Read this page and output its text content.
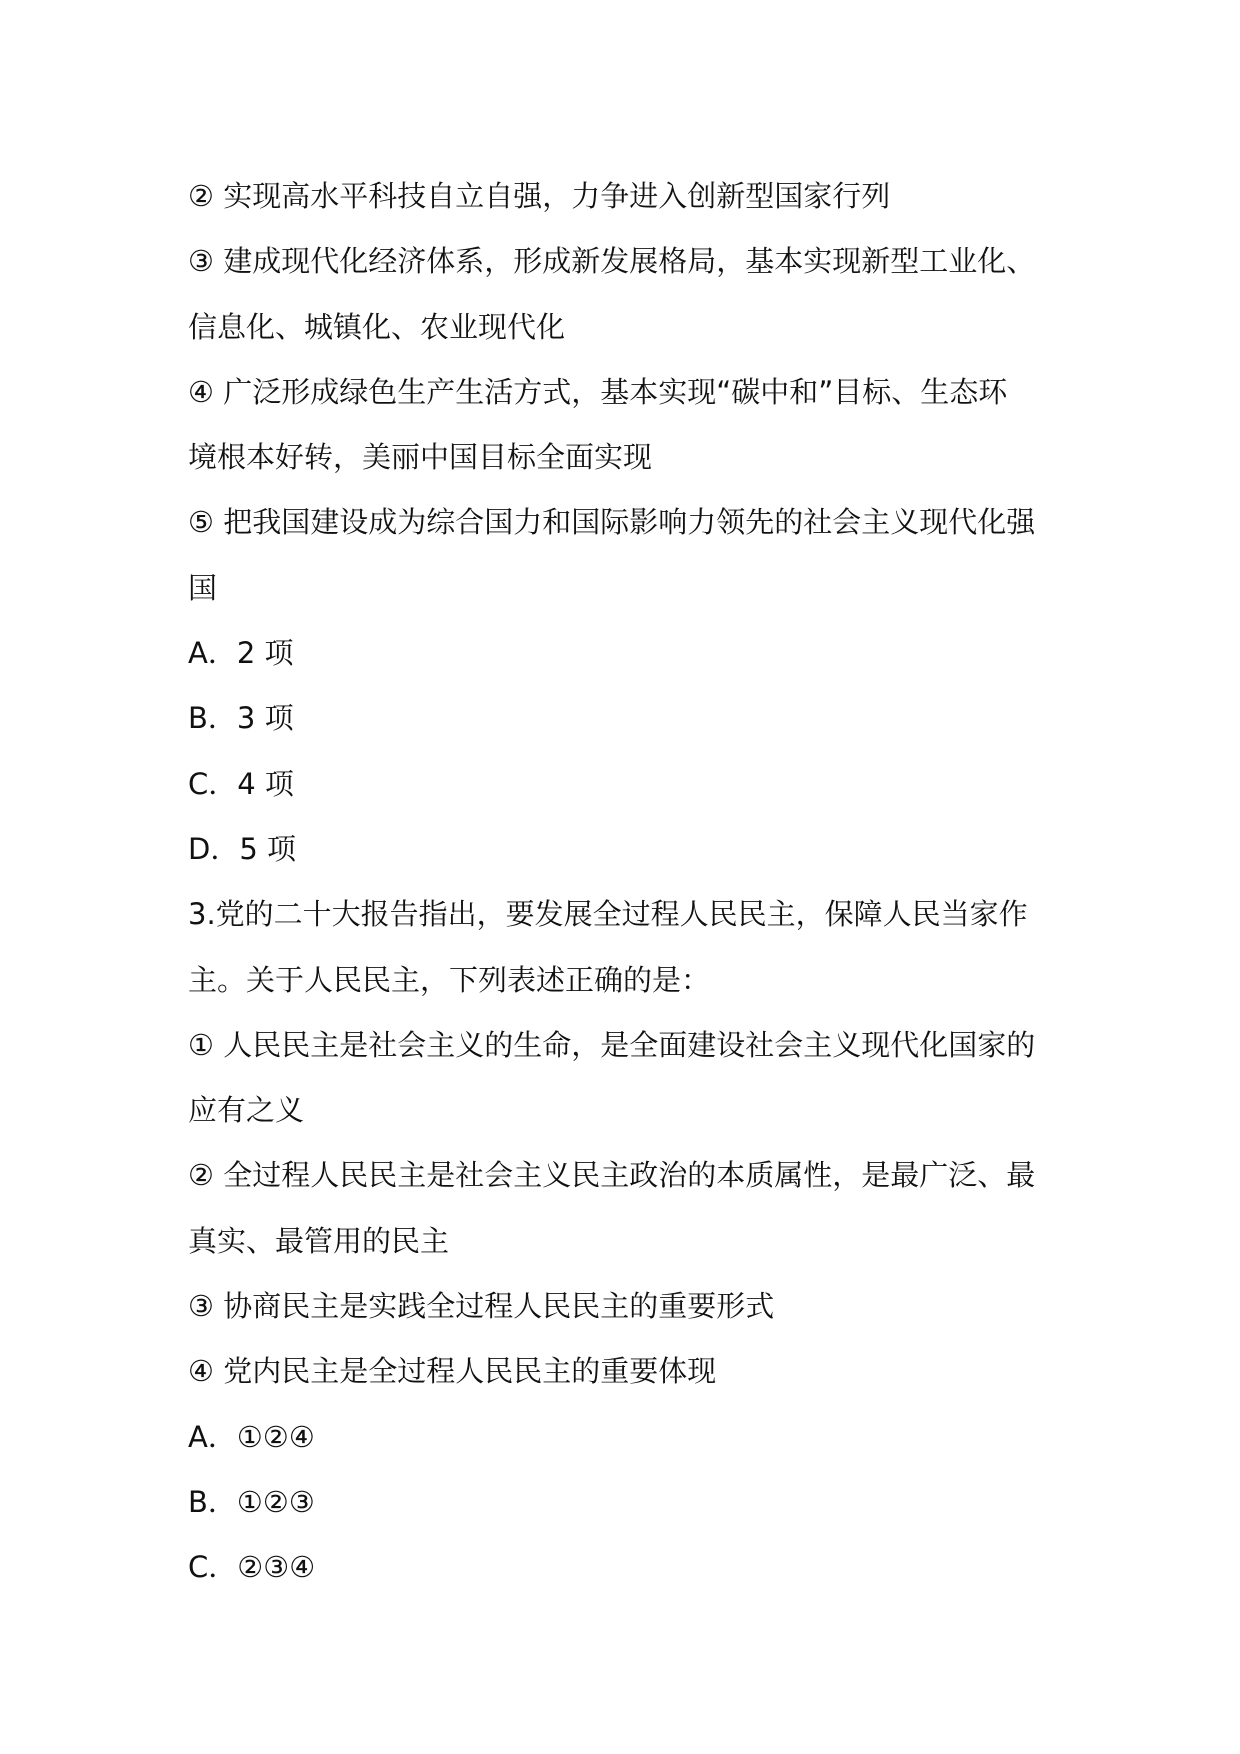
② 实现高水平科技自立自强，力争进入创新型国家行列
③ 建成现代化经济体系，形成新发展格局，基本实现新型工业化、
信息化、城镇化、农业现代化
④ 广泛形成绿色生产生活方式，基本实现“碳中和”目标、生态环
境根本好转，美丽中国目标全面实现
⑤ 把我国建设成为综合国力和国际影响力领先的社会主义现代化强
国
A．2 项
B．3 项
C．4 项
D．5 项
3.党的二十大报告指出，要发展全过程人民民主，保障人民当家作
主。关于人民民主，下列表述正确的是：
① 人民民主是社会主义的生命，是全面建设社会主义现代化国家的
应有之义
② 全过程人民民主是社会主义民主政治的本质属性，是最广泛、最
真实、最管用的民主
③ 协商民主是实践全过程人民民主的重要形式
④ 党内民主是全过程人民民主的重要体现
A．①②④
B．①②③
C．②③④
